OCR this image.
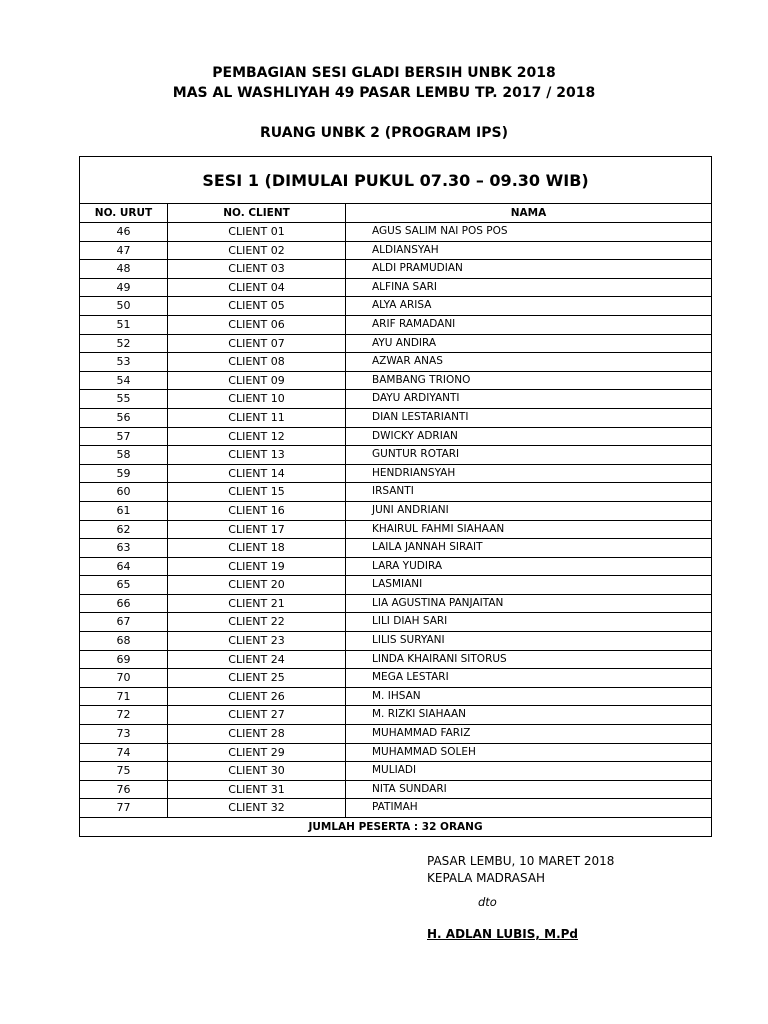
PEMBAGIAN SESI GLADI BERSIH UNBK 2018
MAS AL WASHLIYAH 49 PASAR LEMBU TP. 2017 / 2018
RUANG UNBK 2 (PROGRAM IPS)
SESI 1 (DIMULAI PUKUL 07.30 – 09.30 WIB)		
NO. URUT	NO. CLIENT	NAMA
46	CLIENT 01	AGUS SALIM NAI POS POS
47	CLIENT 02	ALDIANSYAH
48	CLIENT 03	ALDI PRAMUDIAN
49	CLIENT 04	ALFINA SARI
50	CLIENT 05	ALYA ARISA
51	CLIENT 06	ARIF RAMADANI
52	CLIENT 07	AYU ANDIRA
53	CLIENT 08	AZWAR ANAS
54	CLIENT 09	BAMBANG TRIONO
55	CLIENT 10	DAYU ARDIYANTI
56	CLIENT 11	DIAN LESTARIANTI
57	CLIENT 12	DWICKY ADRIAN
58	CLIENT 13	GUNTUR ROTARI
59	CLIENT 14	HENDRIANSYAH
60	CLIENT 15	IRSANTI
61	CLIENT 16	JUNI ANDRIANI
62	CLIENT 17	KHAIRUL FAHMI SIAHAAN
63	CLIENT 18	LAILA JANNAH SIRAIT
64	CLIENT 19	LARA YUDIRA
65	CLIENT 20	LASMIANI
66	CLIENT 21	LIA AGUSTINA PANJAITAN
67	CLIENT 22	LILI DIAH SARI
68	CLIENT 23	LILIS SURYANI
69	CLIENT 24	LINDA KHAIRANI SITORUS
70	CLIENT 25	MEGA LESTARI
71	CLIENT 26	M. IHSAN
72	CLIENT 27	M. RIZKI SIAHAAN
73	CLIENT 28	MUHAMMAD FARIZ
74	CLIENT 29	MUHAMMAD SOLEH
75	CLIENT 30	MULIADI
76	CLIENT 31	NITA SUNDARI
77	CLIENT 32	PATIMAH
JUMLAH PESERTA : 32 ORANG		
PASAR LEMBU, 10 MARET 2018
KEPALA MADRASAH
dto
H. ADLAN LUBIS, M.Pd
